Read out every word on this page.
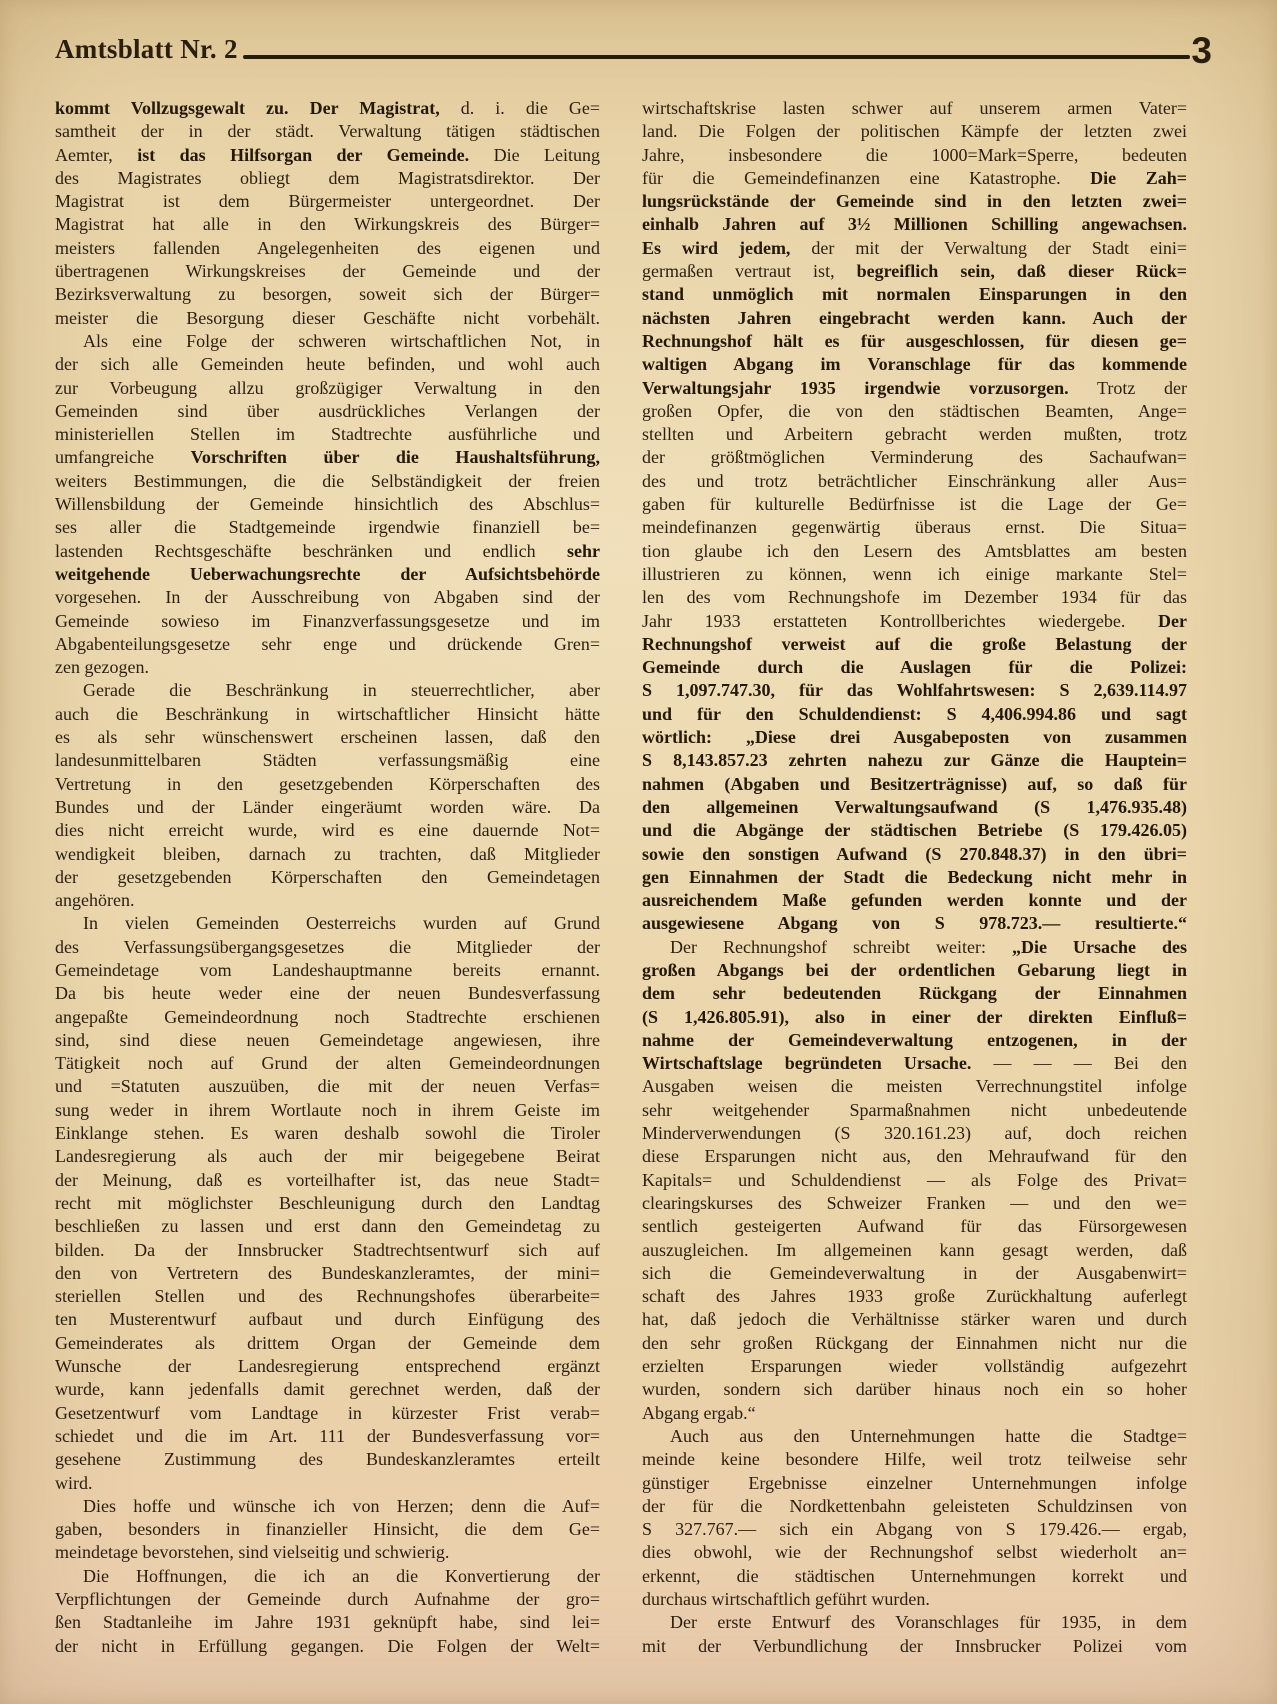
Amtsblatt Nr. 2	3
kommt Vollzugsgewalt zu. Der Magistrat, d. i. die Ge=
samtheit der in der städt. Verwaltung tätigen städtischen
Aemter, ist das Hilfsorgan der Gemeinde. Die Leitung
des Magistrates obliegt dem Magistratsdirektor. Der
Magistrat ist dem Bürgermeister untergeordnet. Der
Magistrat hat alle in den Wirkungskreis des Bürger=
meisters fallenden Angelegenheiten des eigenen und
übertragenen Wirkungskreises der Gemeinde und der
Bezirksverwaltung zu besorgen, soweit sich der Bürger=
meister die Besorgung dieser Geschäfte nicht vorbehält.
Als eine Folge der schweren wirtschaftlichen Not, in
der sich alle Gemeinden heute befinden, und wohl auch
zur Vorbeugung allzu großzügiger Verwaltung in den
Gemeinden sind über ausdrückliches Verlangen der
ministeriellen Stellen im Stadtrechte ausführliche und
umfangreiche Vorschriften über die Haushaltsführung,
weiters Bestimmungen, die die Selbständigkeit der freien
Willensbildung der Gemeinde hinsichtlich des Abschlus=
ses aller die Stadtgemeinde irgendwie finanziell be=
lastenden Rechtsgeschäfte beschränken und endlich sehr
weitgehende Ueberwachungsrechte der Aufsichtsbehörde
vorgesehen. In der Ausschreibung von Abgaben sind der
Gemeinde sowieso im Finanzverfassungsgesetze und im
Abgabenteilungsgesetze sehr enge und drückende Gren=
zen gezogen.
Gerade die Beschränkung in steuerrechtlicher, aber
auch die Beschränkung in wirtschaftlicher Hinsicht hätte
es als sehr wünschenswert erscheinen lassen, daß den
landesunmittelbaren Städten verfassungsmäßig eine
Vertretung in den gesetzgebenden Körperschaften des
Bundes und der Länder eingeräumt worden wäre. Da
dies nicht erreicht wurde, wird es eine dauernde Not=
wendigkeit bleiben, darnach zu trachten, daß Mitglieder
der gesetzgebenden Körperschaften den Gemeindetagen
angehören.
In vielen Gemeinden Oesterreichs wurden auf Grund
des Verfassungsübergangsgesetzes die Mitglieder der
Gemeindetage vom Landeshauptmanne bereits ernannt.
Da bis heute weder eine der neuen Bundesverfassung
angepaßte Gemeindeordnung noch Stadtrechte erschienen
sind, sind diese neuen Gemeindetage angewiesen, ihre
Tätigkeit noch auf Grund der alten Gemeindeordnungen
und =Statuten auszuüben, die mit der neuen Verfas=
sung weder in ihrem Wortlaute noch in ihrem Geiste im
Einklange stehen. Es waren deshalb sowohl die Tiroler
Landesregierung als auch der mir beigegebene Beirat
der Meinung, daß es vorteilhafter ist, das neue Stadt=
recht mit möglichster Beschleunigung durch den Landtag
beschließen zu lassen und erst dann den Gemeindetag zu
bilden. Da der Innsbrucker Stadtrechtsentwurf sich auf
den von Vertretern des Bundeskanzleramtes, der mini=
steriellen Stellen und des Rechnungshofes überarbeite=
ten Musterentwurf aufbaut und durch Einfügung des
Gemeinderates als drittem Organ der Gemeinde dem
Wunsche der Landesregierung entsprechend ergänzt
wurde, kann jedenfalls damit gerechnet werden, daß der
Gesetzentwurf vom Landtage in kürzester Frist verab=
schiedet und die im Art. 111 der Bundesverfassung vor=
gesehene Zustimmung des Bundeskanzleramtes erteilt
wird.
Dies hoffe und wünsche ich von Herzen; denn die Auf=
gaben, besonders in finanzieller Hinsicht, die dem Ge=
meindetage bevorstehen, sind vielseitig und schwierig.
Die Hoffnungen, die ich an die Konvertierung der
Verpflichtungen der Gemeinde durch Aufnahme der gro=
ßen Stadtanleihe im Jahre 1931 geknüpft habe, sind lei=
der nicht in Erfüllung gegangen. Die Folgen der Welt=
wirtschaftskrise lasten schwer auf unserem armen Vater=
land. Die Folgen der politischen Kämpfe der letzten zwei
Jahre, insbesondere die 1000=Mark=Sperre, bedeuten
für die Gemeindefinanzen eine Katastrophe. Die Zah=
lungsrückstände der Gemeinde sind in den letzten zwei=
einhalb Jahren auf 3½ Millionen Schilling angewachsen.
Es wird jedem, der mit der Verwaltung der Stadt eini=
germaßen vertraut ist, begreiflich sein, daß dieser Rück=
stand unmöglich mit normalen Einsparungen in den
nächsten Jahren eingebracht werden kann. Auch der
Rechnungshof hält es für ausgeschlossen, für diesen ge=
waltigen Abgang im Voranschlage für das kommende
Verwaltungsjahr 1935 irgendwie vorzusorgen. Trotz der
großen Opfer, die von den städtischen Beamten, Ange=
stellten und Arbeitern gebracht werden mußten, trotz
der größtmöglichen Verminderung des Sachaufwan=
des und trotz beträchtlicher Einschränkung aller Aus=
gaben für kulturelle Bedürfnisse ist die Lage der Ge=
meindefinanzen gegenwärtig überaus ernst. Die Situa=
tion glaube ich den Lesern des Amtsblattes am besten
illustrieren zu können, wenn ich einige markante Stel=
len des vom Rechnungshofe im Dezember 1934 für das
Jahr 1933 erstatteten Kontrollberichtes wiedergebe. Der
Rechnungshof verweist auf die große Belastung der
Gemeinde durch die Auslagen für die Polizei:
S 1,097.747.30, für das Wohlfahrtswesen: S 2,639.114.97
und für den Schuldendienst: S 4,406.994.86 und sagt
wörtlich: „Diese drei Ausgabeposten von zusammen
S 8,143.857.23 zehrten nahezu zur Gänze die Hauptein=
nahmen (Abgaben und Besitzerträgnisse) auf, so daß für
den allgemeinen Verwaltungsaufwand (S 1,476.935.48)
und die Abgänge der städtischen Betriebe (S 179.426.05)
sowie den sonstigen Aufwand (S 270.848.37) in den übri=
gen Einnahmen der Stadt die Bedeckung nicht mehr in
ausreichendem Maße gefunden werden konnte und der
ausgewiesene Abgang von S 978.723.— resultierte.“
Der Rechnungshof schreibt weiter: „Die Ursache des
großen Abgangs bei der ordentlichen Gebarung liegt in
dem sehr bedeutenden Rückgang der Einnahmen
(S 1,426.805.91), also in einer der direkten Einfluß=
nahme der Gemeindeverwaltung entzogenen, in der
Wirtschaftslage begründeten Ursache. — — — Bei den
Ausgaben weisen die meisten Verrechnungstitel infolge
sehr weitgehender Sparmaßnahmen nicht unbedeutende
Minderverwendungen (S 320.161.23) auf, doch reichen
diese Ersparungen nicht aus, den Mehraufwand für den
Kapitals= und Schuldendienst — als Folge des Privat=
clearingskurses des Schweizer Franken — und den we=
sentlich gesteigerten Aufwand für das Fürsorgewesen
auszugleichen. Im allgemeinen kann gesagt werden, daß
sich die Gemeindeverwaltung in der Ausgabenwirt=
schaft des Jahres 1933 große Zurückhaltung auferlegt
hat, daß jedoch die Verhältnisse stärker waren und durch
den sehr großen Rückgang der Einnahmen nicht nur die
erzielten Ersparungen wieder vollständig aufgezehrt
wurden, sondern sich darüber hinaus noch ein so hoher
Abgang ergab.“
Auch aus den Unternehmungen hatte die Stadtge=
meinde keine besondere Hilfe, weil trotz teilweise sehr
günstiger Ergebnisse einzelner Unternehmungen infolge
der für die Nordkettenbahn geleisteten Schuldzinsen von
S 327.767.— sich ein Abgang von S 179.426.— ergab,
dies obwohl, wie der Rechnungshof selbst wiederholt an=
erkennt, die städtischen Unternehmungen korrekt und
durchaus wirtschaftlich geführt wurden.
Der erste Entwurf des Voranschlages für 1935, in dem
mit der Verbundlichung der Innsbrucker Polizei vom
